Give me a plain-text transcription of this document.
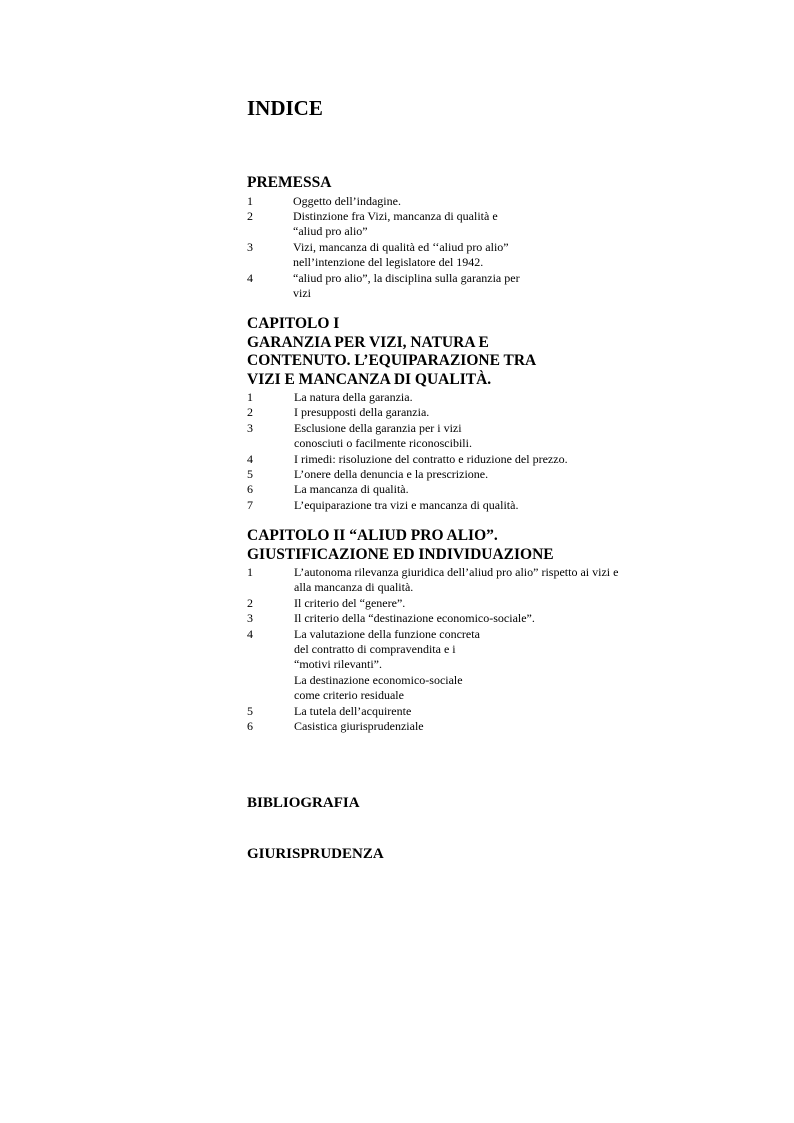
INDICE
PREMESSA
1	Oggetto dell’indagine.
2	Distinzione fra Vizi, mancanza di qualità e
“aliud pro alio”
3	Vizi, mancanza di qualità ed ‘‘aliud pro alio”
nell’intenzione del legislatore del 1942.
4	“aliud pro alio”, la disciplina sulla garanzia per
vizi
CAPITOLO I
GARANZIA PER VIZI, NATURA E
CONTENUTO. L’EQUIPARAZIONE TRA
VIZI E MANCANZA DI QUALITÀ.
1	La natura della garanzia.
2	I presupposti della garanzia.
3	Esclusione della garanzia per i vizi
conosciuti o facilmente riconoscibili.
4	I rimedi: risoluzione del contratto e riduzione del prezzo.
5	L’onere della denuncia e la prescrizione.
6	La mancanza di qualità.
7	L’equiparazione tra vizi e mancanza di qualità.
CAPITOLO II “ALIUD PRO ALIO”.
GIUSTIFICAZIONE ED INDIVIDUAZIONE
1	L’autonoma rilevanza giuridica dell’aliud pro alio” rispetto ai vizi e
alla mancanza di qualità.
2	Il criterio del “genere”.
3	Il criterio della “destinazione economico-sociale”.
4	La valutazione della funzione concreta
del contratto di compravendita e i
“motivi rilevanti”.
La destinazione economico-sociale
come criterio residuale
5	La tutela dell’acquirente
6	Casistica giurisprudenziale
BIBLIOGRAFIA
GIURISPRUDENZA
